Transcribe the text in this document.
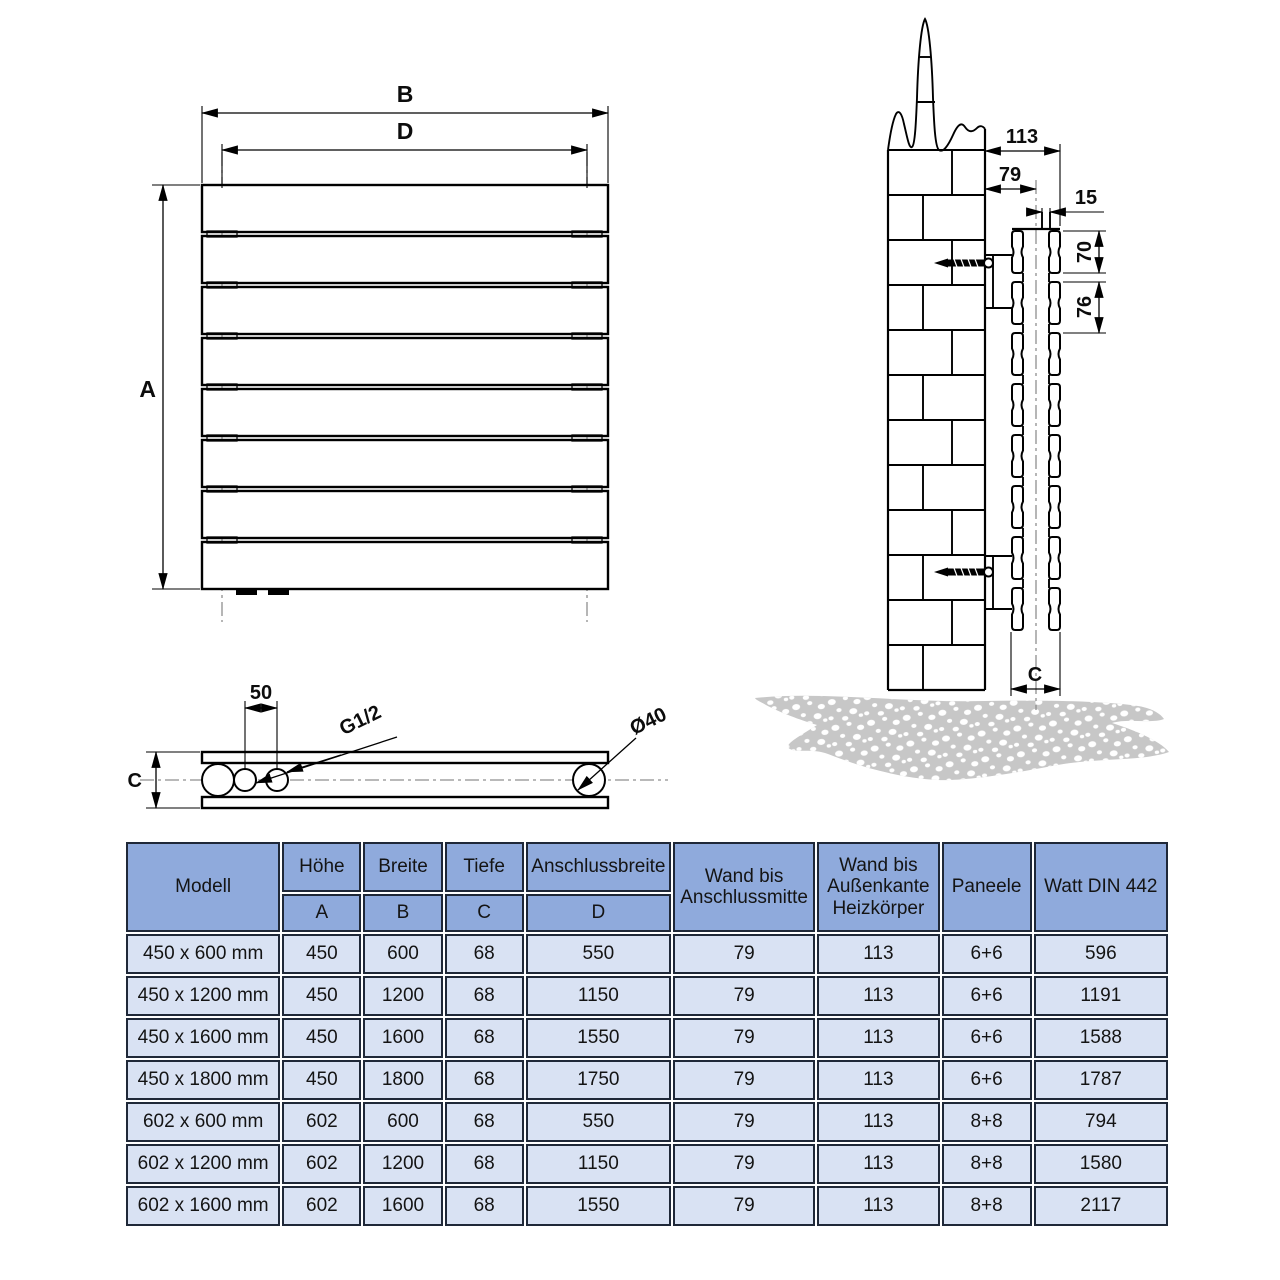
B
D
A
113
79
15
70
76
C
50
C
G1/2	Ø40
Modell	Höhe	Breite	Tiefe	Anschlussbreite	Wand bis Anschlussmitte	Wand bis Außenkante Heizkörper	Paneele	Watt DIN 442
	A	B	C	D				
450 x 600 mm	450	600	68	550	79	113	6+6	596
450 x 1200 mm	450	1200	68	1150	79	113	6+6	1191
450 x 1600 mm	450	1600	68	1550	79	113	6+6	1588
450 x 1800 mm	450	1800	68	1750	79	113	6+6	1787
602 x 600 mm	602	600	68	550	79	113	8+8	794
602 x 1200 mm	602	1200	68	1150	79	113	8+8	1580
602 x 1600 mm	602	1600	68	1550	79	113	8+8	2117
